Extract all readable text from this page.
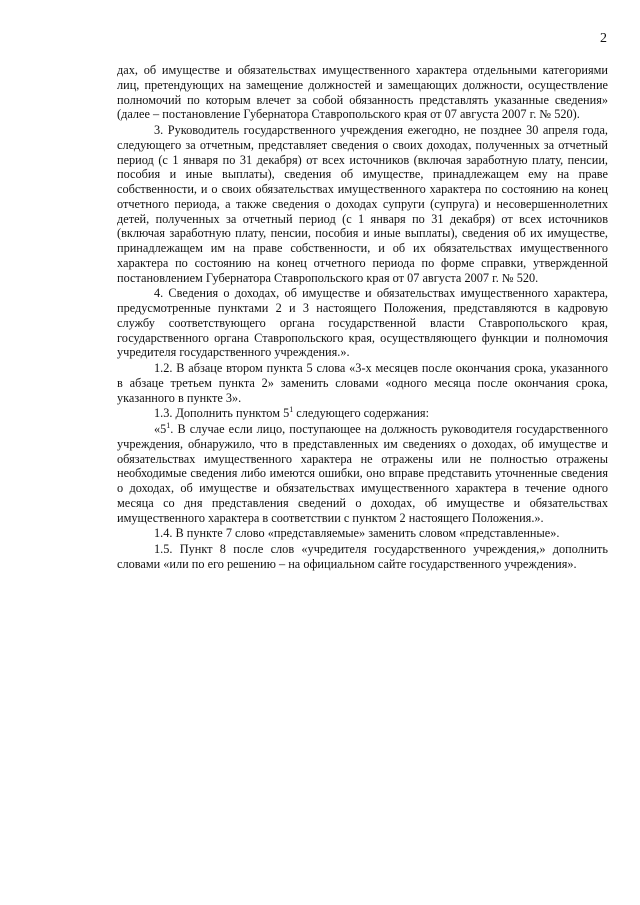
2

дах, об имуществе и обязательствах имущественного характера отдельными категориями лиц, претендующих на замещение должностей и замещающих должности, осуществление полномочий по которым влечет за собой обязанность представлять указанные сведения» (далее – постановление Губернатора Ставропольского края от 07 августа 2007 г. № 520).

3. Руководитель государственного учреждения ежегодно, не позднее 30 апреля года, следующего за отчетным, представляет сведения о своих доходах, полученных за отчетный период (с 1 января по 31 декабря) от всех источников (включая заработную плату, пенсии, пособия и иные выплаты), сведения об имуществе, принадлежащем ему на праве собственности, и о своих обязательствах имущественного характера по состоянию на конец отчетного периода, а также сведения о доходах супруги (супруга) и несовершеннолетних детей, полученных за отчетный период (с 1 января по 31 декабря) от всех источников (включая заработную плату, пенсии, пособия и иные выплаты), сведения об их имуществе, принадлежащем им на праве собственности, и об их обязательствах имущественного характера по состоянию на конец отчетного периода по форме справки, утвержденной постановлением Губернатора Ставропольского края от 07 августа 2007 г. № 520.

4. Сведения о доходах, об имуществе и обязательствах имущественного характера, предусмотренные пунктами 2 и 3 настоящего Положения, представляются в кадровую службу соответствующего органа государственной власти Ставропольского края, государственного органа Ставропольского края, осуществляющего функции и полномочия учредителя государственного учреждения.».

1.2. В абзаце втором пункта 5 слова «3-х месяцев после окончания срока, указанного в абзаце третьем пункта 2» заменить словами «одного месяца после окончания срока, указанного в пункте 3».

1.3. Дополнить пунктом $5^1$ следующего содержания:

«$5^1$. В случае если лицо, поступающее на должность руководителя государственного учреждения, обнаружило, что в представленных им сведениях о доходах, об имуществе и обязательствах имущественного характера не отражены или не полностью отражены необходимые сведения либо имеются ошибки, оно вправе представить уточненные сведения о доходах, об имуществе и обязательствах имущественного характера в течение одного месяца со дня представления сведений о доходах, об имуществе и обязательствах имущественного характера в соответствии с пунктом 2 настоящего Положения.».

1.4. В пункте 7 слово «представляемые» заменить словом «представленные».

1.5. Пункт 8 после слов «учредителя государственного учреждения,» дополнить словами «или по его решению – на официальном сайте государственного учреждения».
